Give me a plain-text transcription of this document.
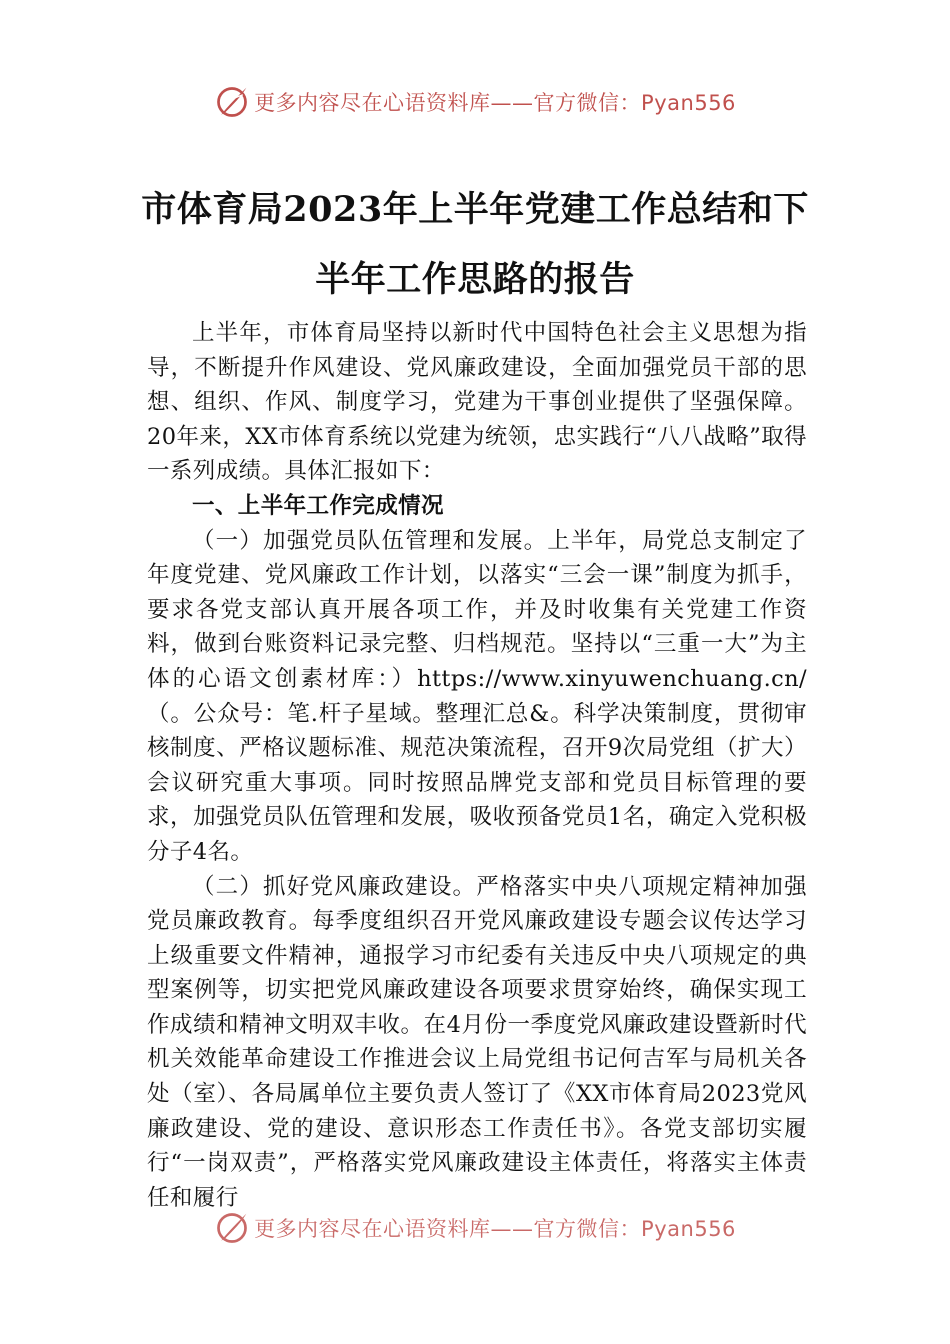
更多内容尽在心语资料库——官方微信：Pyan556
市体育局2023年上半年党建工作总结和下
半年工作思路的报告

上半年，市体育局坚持以新时代中国特色社会主义思想为指导，不断提升作风建设、党风廉政建设，全面加强党员干部的思想、组织、作风、制度学习，党建为干事创业提供了坚强保障。20年来，XX市体育系统以党建为统领，忠实践行“八八战略”取得一系列成绩。具体汇报如下：

一、上半年工作完成情况

（一）加强党员队伍管理和发展。上半年，局党总支制定了年度党建、党风廉政工作计划，以落实“三会一课”制度为抓手，要求各党支部认真开展各项工作，并及时收集有关党建工作资料，做到台账资料记录完整、归档规范。坚持以“三重一大”为主体的心语文创素材库：）https://www.xinyuwenchuang.cn/（。公众号：笔.杆子星域。整理汇总&。科学决策制度，贯彻审核制度、严格议题标准、规范决策流程，召开9次局党组（扩大）会议研究重大事项。同时按照品牌党支部和党员目标管理的要求，加强党员队伍管理和发展，吸收预备党员1名，确定入党积极分子4名。

（二）抓好党风廉政建设。严格落实中央八项规定精神加强党员廉政教育。每季度组织召开党风廉政建设专题会议传达学习上级重要文件精神，通报学习市纪委有关违反中央八项规定的典型案例等，切实把党风廉政建设各项要求贯穿始终，确保实现工作成绩和精神文明双丰收。在4月份一季度党风廉政建设暨新时代机关效能革命建设工作推进会议上局党组书记何吉军与局机关各处（室）、各局属单位主要负责人签订了《XX市体育局2023党风廉政建设、党的建设、意识形态工作责任书》。各党支部切实履行“一岗双责”，严格落实党风廉政建设主体责任，将落实主体责任和履行

更多内容尽在心语资料库——官方微信：Pyan556
